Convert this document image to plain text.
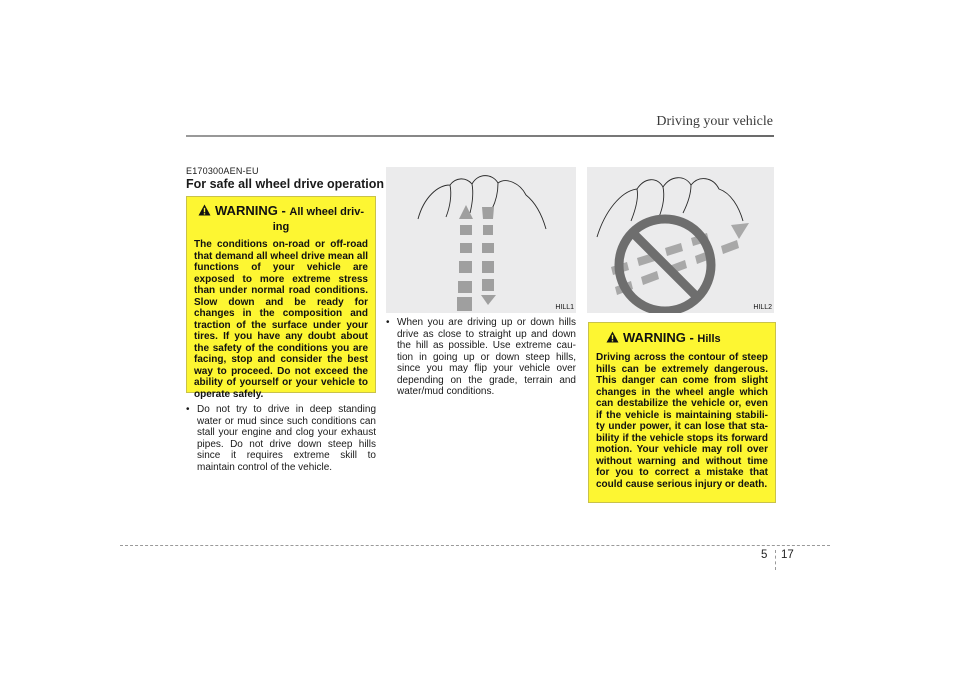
Driving your vehicle
E170300AEN-EU
For safe all wheel drive operation
WARNING - All wheel driv-
ing
The conditions on-road or off-road that demand all wheel drive mean all functions of your vehicle are exposed to more extreme stress than under normal road conditions. Slow down and be ready for changes in the composition and traction of the surface under your tires. If you have any doubt about the safety of the conditions you are facing, stop and consider the best way to proceed. Do not exceed the ability of yourself or your vehicle to operate safely.
• Do not try to drive in deep standing water or mud since such conditions can stall your engine and clog your exhaust pipes. Do not drive down steep hills since it requires extreme skill to maintain control of the vehicle.
HILL1
• When you are driving up or down hills drive as close to straight up and down the hill as possible. Use extreme cau- tion in going up or down steep hills, since you may flip your vehicle over depending on the grade, terrain and water/mud conditions.
HILL2
WARNING - Hills
Driving across the contour of steep hills can be extremely dangerous. This danger can come from slight changes in the wheel angle which can destabilize the vehicle or, even if the vehicle is maintaining stabili- ty under power, it can lose that sta- bility if the vehicle stops its forward motion. Your vehicle may roll over without warning and without time for you to correct a mistake that could cause serious injury or death.
5 17
